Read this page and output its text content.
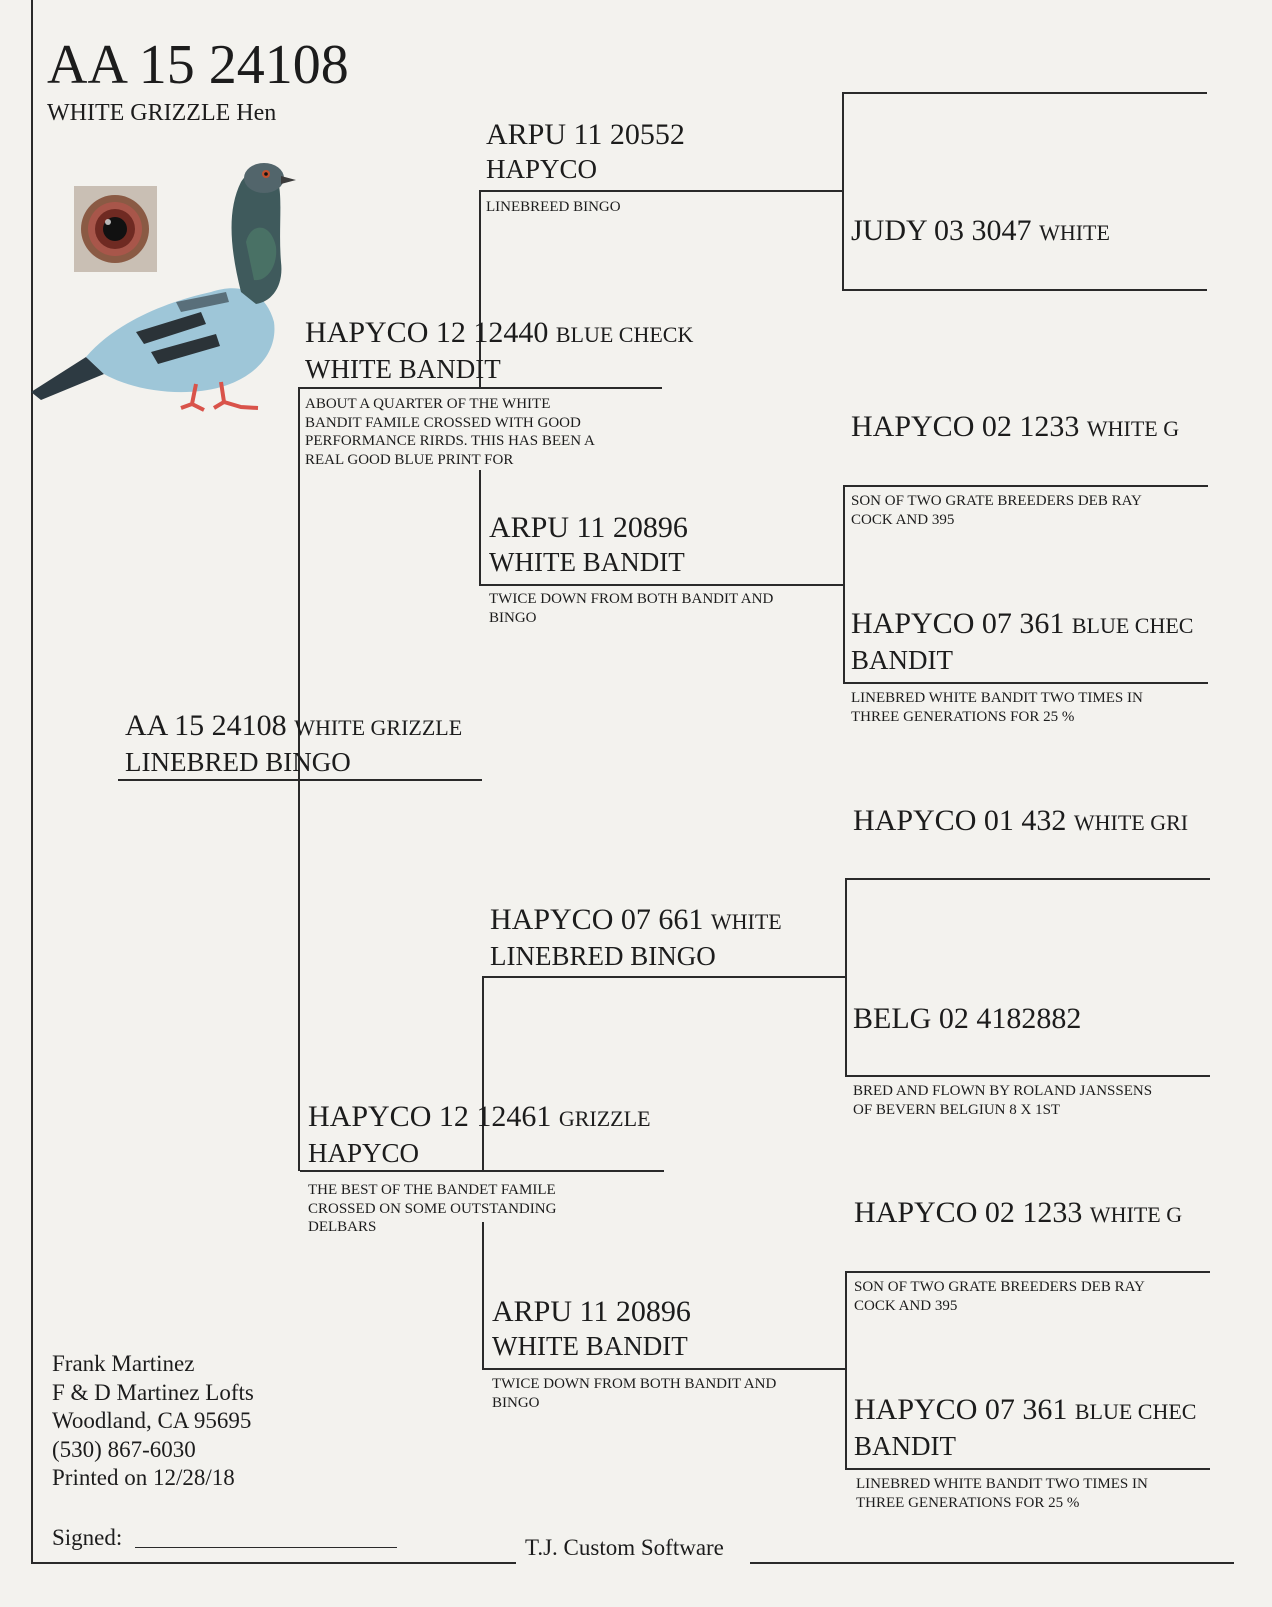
AA 15 24108
WHITE GRIZZLE Hen
AA 15 24108 WHITE GRIZZLE
LINEBRED BINGO
HAPYCO 12 12440 BLUE CHECK
WHITE BANDIT
ABOUT A QUARTER OF THE WHITE
BANDIT FAMILE CROSSED WITH GOOD
PERFORMANCE RIRDS. THIS HAS BEEN A
REAL GOOD BLUE PRINT FOR
HAPYCO 12 12461 GRIZZLE
HAPYCO
THE BEST OF THE BANDET FAMILE
CROSSED ON SOME OUTSTANDING
DELBARS
ARPU 11 20552
HAPYCO
LINEBREED BINGO
ARPU 11 20896
WHITE BANDIT
TWICE DOWN FROM BOTH BANDIT AND
BINGO
HAPYCO 07 661 WHITE
LINEBRED BINGO
ARPU 11 20896
WHITE BANDIT
TWICE DOWN FROM BOTH BANDIT AND
BINGO
JUDY 03 3047 WHITE
HAPYCO 02 1233 WHITE G
SON OF TWO GRATE BREEDERS DEB RAY
COCK AND 395
HAPYCO 07 361 BLUE CHEC
BANDIT
LINEBRED WHITE BANDIT TWO TIMES IN
THREE GENERATIONS FOR 25 %
HAPYCO 01 432 WHITE GRI
BELG 02 4182882
BRED AND FLOWN BY ROLAND JANSSENS
OF BEVERN BELGIUN 8 X 1ST
HAPYCO 02 1233 WHITE G
SON OF TWO GRATE BREEDERS DEB RAY
COCK AND 395
HAPYCO 07 361 BLUE CHEC
BANDIT
LINEBRED WHITE BANDIT TWO TIMES IN
THREE GENERATIONS FOR 25 %
Frank Martinez
F & D Martinez Lofts
Woodland, CA 95695
(530) 867-6030
Printed on 12/28/18
Signed:	T.J. Custom Software
